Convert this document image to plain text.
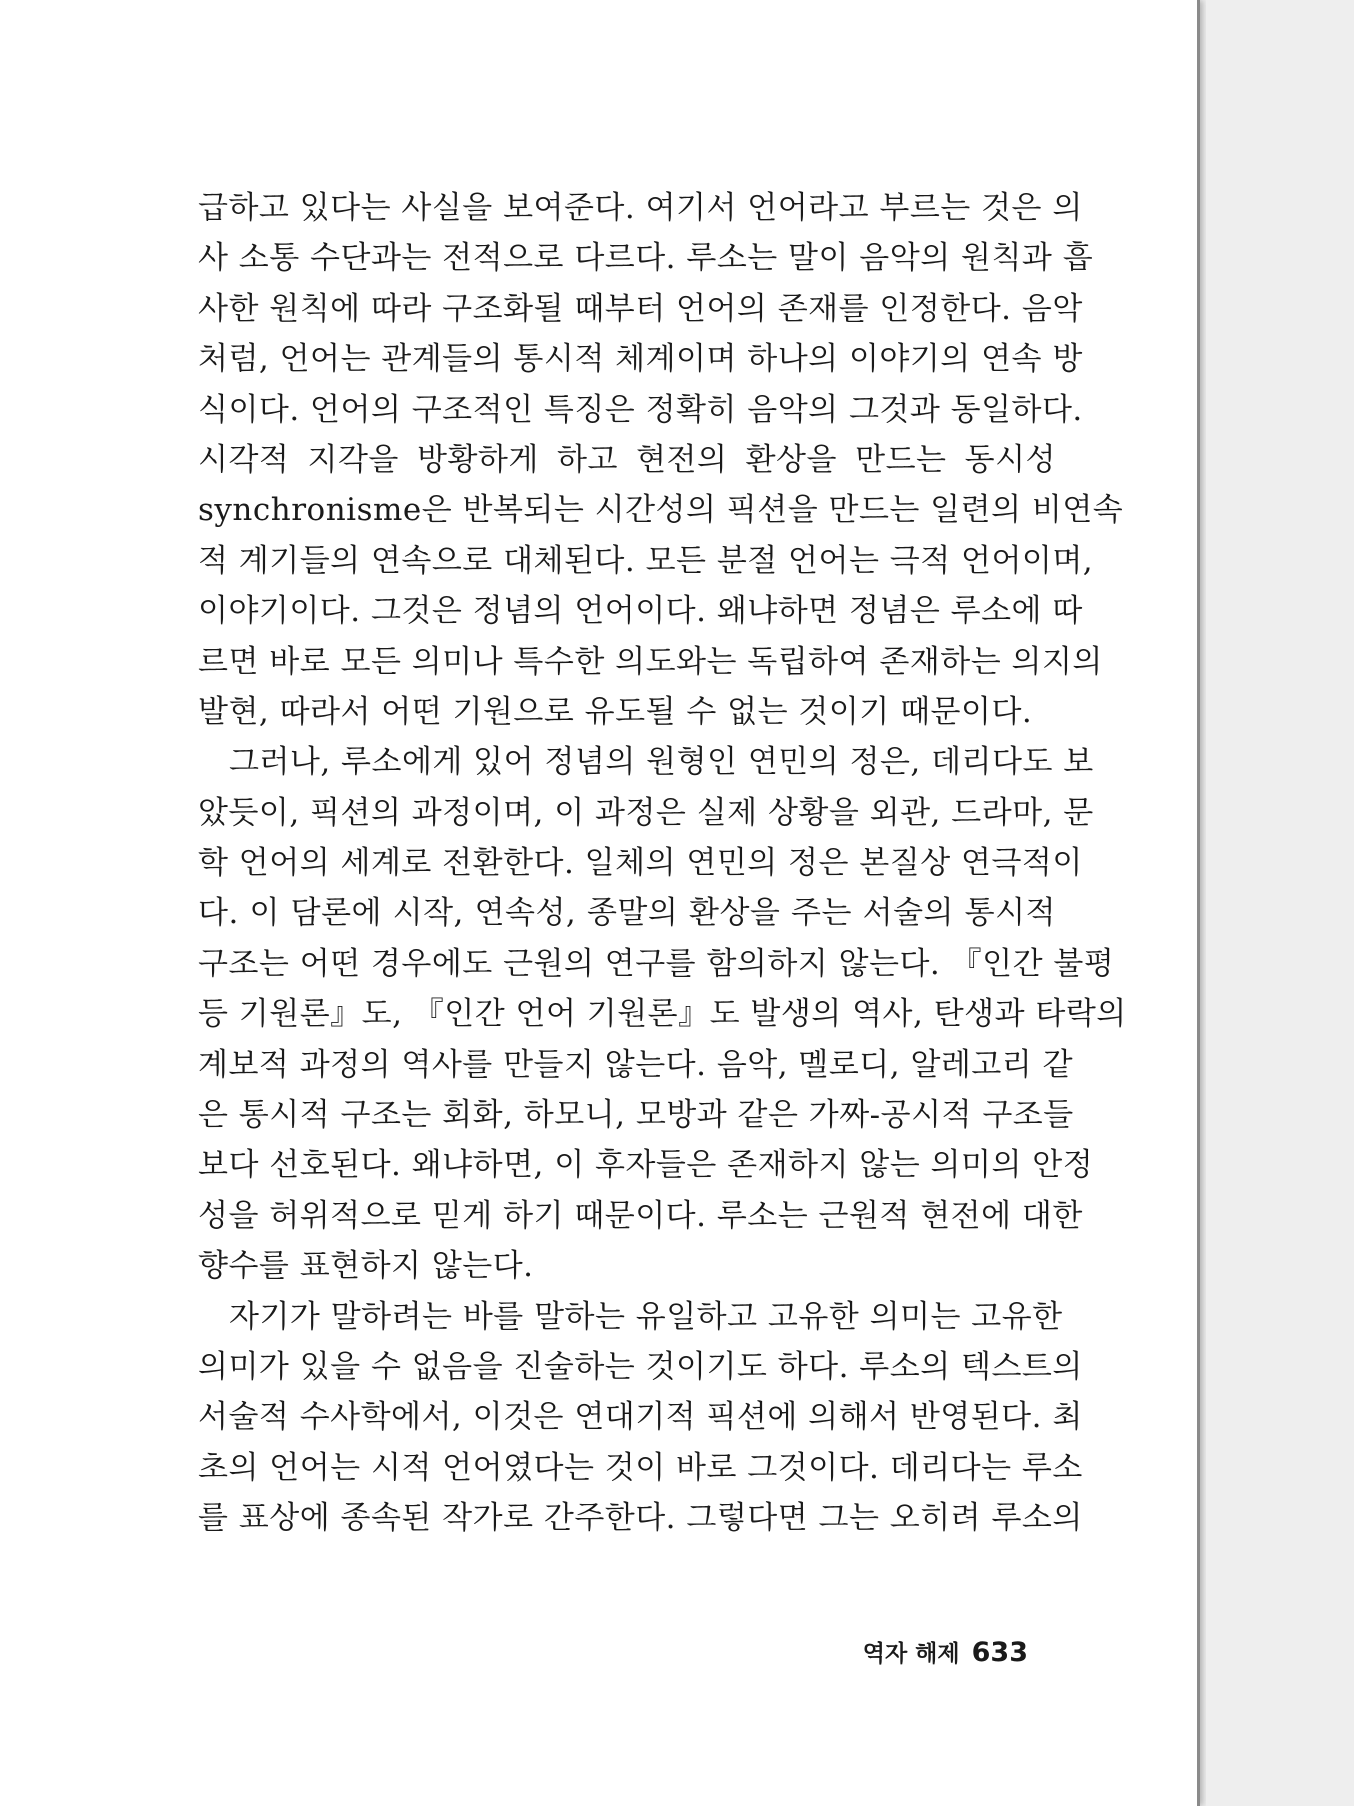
급하고 있다는 사실을 보여준다. 여기서 언어라고 부르는 것은 의
사 소통 수단과는 전적으로 다르다. 루소는 말이 음악의 원칙과 흡
사한 원칙에 따라 구조화될 때부터 언어의 존재를 인정한다. 음악
처럼, 언어는 관계들의 통시적 체계이며 하나의 이야기의 연속 방
식이다. 언어의 구조적인 특징은 정확히 음악의 그것과 동일하다.
시각적 지각을 방황하게 하고 현전의 환상을 만드는 동시성
synchronisme은 반복되는 시간성의 픽션을 만드는 일련의 비연속
적 계기들의 연속으로 대체된다. 모든 분절 언어는 극적 언어이며,
이야기이다. 그것은 정념의 언어이다. 왜냐하면 정념은 루소에 따
르면 바로 모든 의미나 특수한 의도와는 독립하여 존재하는 의지의
발현, 따라서 어떤 기원으로 유도될 수 없는 것이기 때문이다.
그러나, 루소에게 있어 정념의 원형인 연민의 정은, 데리다도 보
았듯이, 픽션의 과정이며, 이 과정은 실제 상황을 외관, 드라마, 문
학 언어의 세계로 전환한다. 일체의 연민의 정은 본질상 연극적이
다. 이 담론에 시작, 연속성, 종말의 환상을 주는 서술의 통시적
구조는 어떤 경우에도 근원의 연구를 함의하지 않는다. 『인간 불평
등 기원론』도, 『인간 언어 기원론』도 발생의 역사, 탄생과 타락의
계보적 과정의 역사를 만들지 않는다. 음악, 멜로디, 알레고리 같
은 통시적 구조는 회화, 하모니, 모방과 같은 가짜-공시적 구조들
보다 선호된다. 왜냐하면, 이 후자들은 존재하지 않는 의미의 안정
성을 허위적으로 믿게 하기 때문이다. 루소는 근원적 현전에 대한
향수를 표현하지 않는다.
자기가 말하려는 바를 말하는 유일하고 고유한 의미는 고유한
의미가 있을 수 없음을 진술하는 것이기도 하다. 루소의 텍스트의
서술적 수사학에서, 이것은 연대기적 픽션에 의해서 반영된다. 최
초의 언어는 시적 언어였다는 것이 바로 그것이다. 데리다는 루소
를 표상에 종속된 작가로 간주한다. 그렇다면 그는 오히려 루소의
역자 해제 633
